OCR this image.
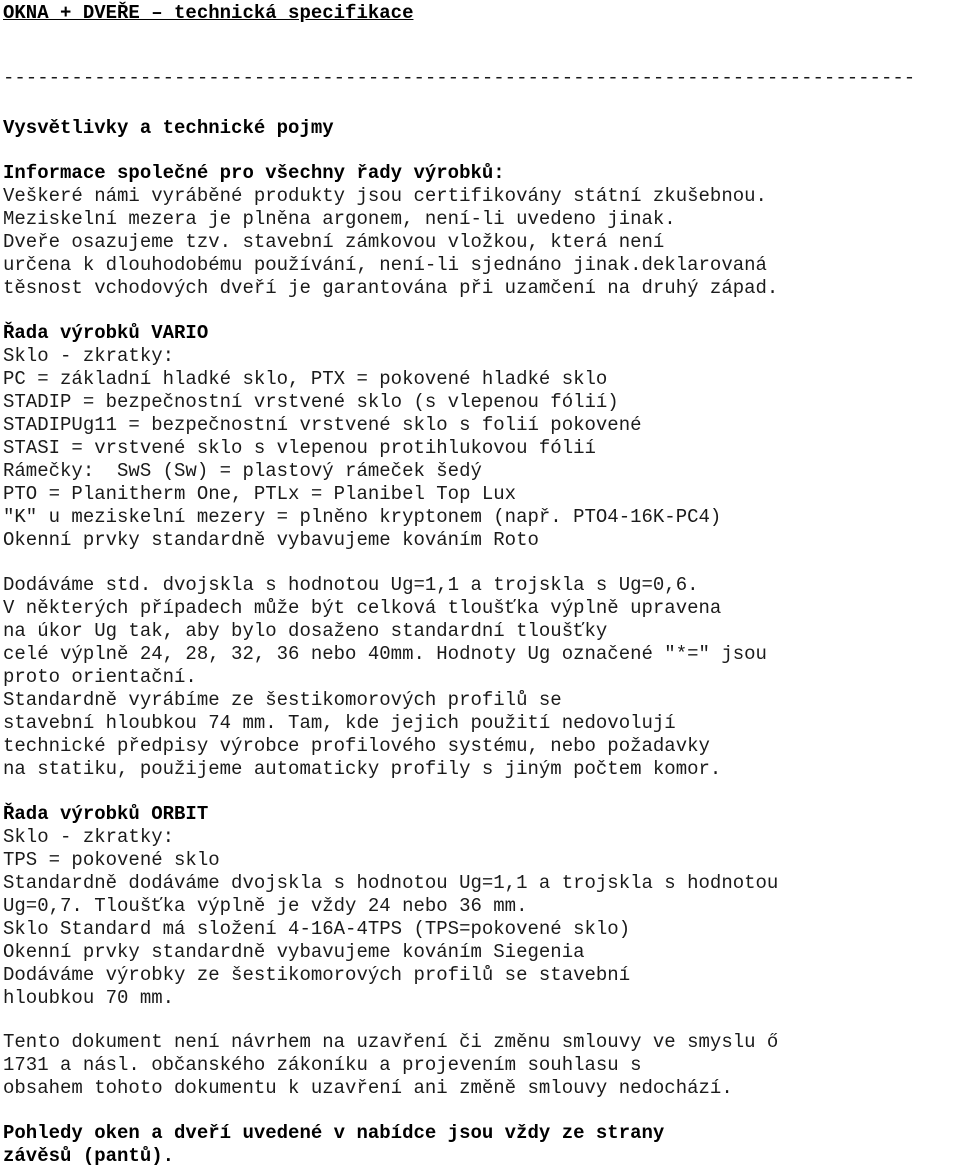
OKNA + DVEŘE – technická specifikace

--------------------------------------------------------------------------------

Vysvětlivky a technické pojmy

Informace společné pro všechny řady výrobků:

Veškeré námi vyráběné produkty jsou certifikovány státní zkušebnou.

Meziskelní mezera je plněna argonem, není-li uvedeno jinak.

Dveře osazujeme tzv. stavební zámkovou vložkou, která není

určena k dlouhodobému používání, není-li sjednáno jinak.deklarovaná

těsnost vchodových dveří je garantována při uzamčení na druhý západ.

Řada výrobků VARIO

Sklo - zkratky:

PC = základní hladké sklo, PTX = pokovené hladké sklo

STADIP = bezpečnostní vrstvené sklo (s vlepenou fólií)

STADIPUg11 = bezpečnostní vrstvené sklo s folií pokovené

STASI = vrstvené sklo s vlepenou protihlukovou fólií

Rámečky:  SwS (Sw) = plastový rámeček šedý

PTO = Planitherm One, PTLx = Planibel Top Lux

"K" u meziskelní mezery = plněno kryptonem (např. PTO4-16K-PC4)

Okenní prvky standardně vybavujeme kováním Roto

Dodáváme std. dvojskla s hodnotou Ug=1,1 a trojskla s Ug=0,6.

V některých případech může být celková tloušťka výplně upravena

na úkor Ug tak, aby bylo dosaženo standardní tloušťky

celé výplně 24, 28, 32, 36 nebo 40mm. Hodnoty Ug označené "*=" jsou

proto orientační.

Standardně vyrábíme ze šestikomorových profilů se

stavební hloubkou 74 mm. Tam, kde jejich použití nedovolují

technické předpisy výrobce profilového systému, nebo požadavky

na statiku, použijeme automaticky profily s jiným počtem komor.

Řada výrobků ORBIT

Sklo - zkratky:

TPS = pokovené sklo

Standardně dodáváme dvojskla s hodnotou Ug=1,1 a trojskla s hodnotou

Ug=0,7. Tloušťka výplně je vždy 24 nebo 36 mm.

Sklo Standard má složení 4-16A-4TPS (TPS=pokovené sklo)

Okenní prvky standardně vybavujeme kováním Siegenia

Dodáváme výrobky ze šestikomorových profilů se stavební

hloubkou 70 mm.

Tento dokument není návrhem na uzavření či změnu smlouvy ve smyslu ő

1731 a násl. občanského zákoníku a projevením souhlasu s

obsahem tohoto dokumentu k uzavření ani změně smlouvy nedochází.

Pohledy oken a dveří uvedené v nabídce jsou vždy ze strany

závěsů (pantů).
